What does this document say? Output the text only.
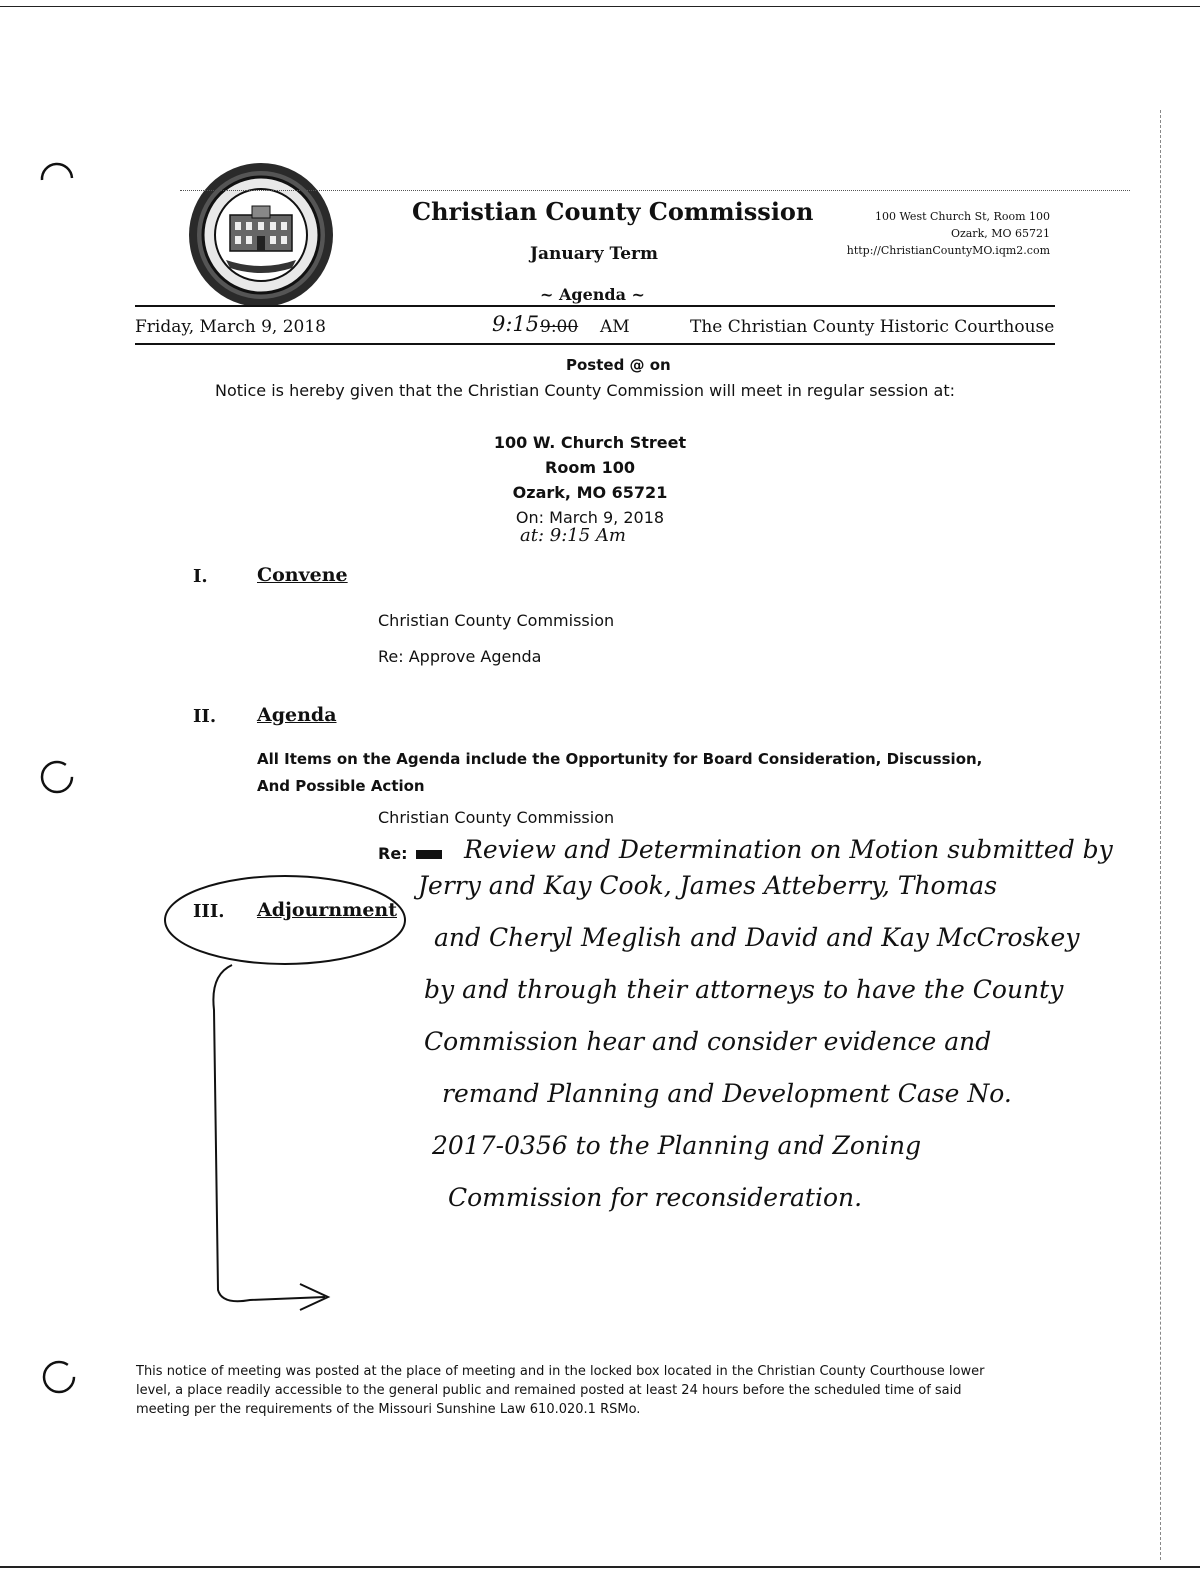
Christian County Commission
January Term
~ Agenda ~
100 West Church St, Room 100
Ozark, MO 65721
http://ChristianCountyMO.iqm2.com
Friday, March 9, 2018	9:15 9:00 AM	The Christian County Historic Courthouse
Posted @ on
Notice is hereby given that the Christian County Commission will meet in regular session at:
100 W. Church Street
Room 100
Ozark, MO 65721
On: March 9, 2018
at: 9:15 Am
I.	Convene
Christian County Commission
Re: Approve Agenda
II. Agenda
All Items on the Agenda include the Opportunity for Board Consideration, Discussion, And Possible Action
Christian County Commission
Re:
III. Adjournment
Review and Determination on Motion submitted by
Jerry and Kay Cook, James Atteberry, Thomas
and Cheryl Meglish and David and Kay McCroskey
by and through their attorneys to have the County
Commission hear and consider evidence and
remand Planning and Development Case No.
2017-0356 to the Planning and Zoning
Commission for reconsideration.
This notice of meeting was posted at the place of meeting and in the locked box located in the Christian County Courthouse lower level, a place readily accessible to the general public and remained posted at least 24 hours before the scheduled time of said meeting per the requirements of the Missouri Sunshine Law 610.020.1 RSMo.
